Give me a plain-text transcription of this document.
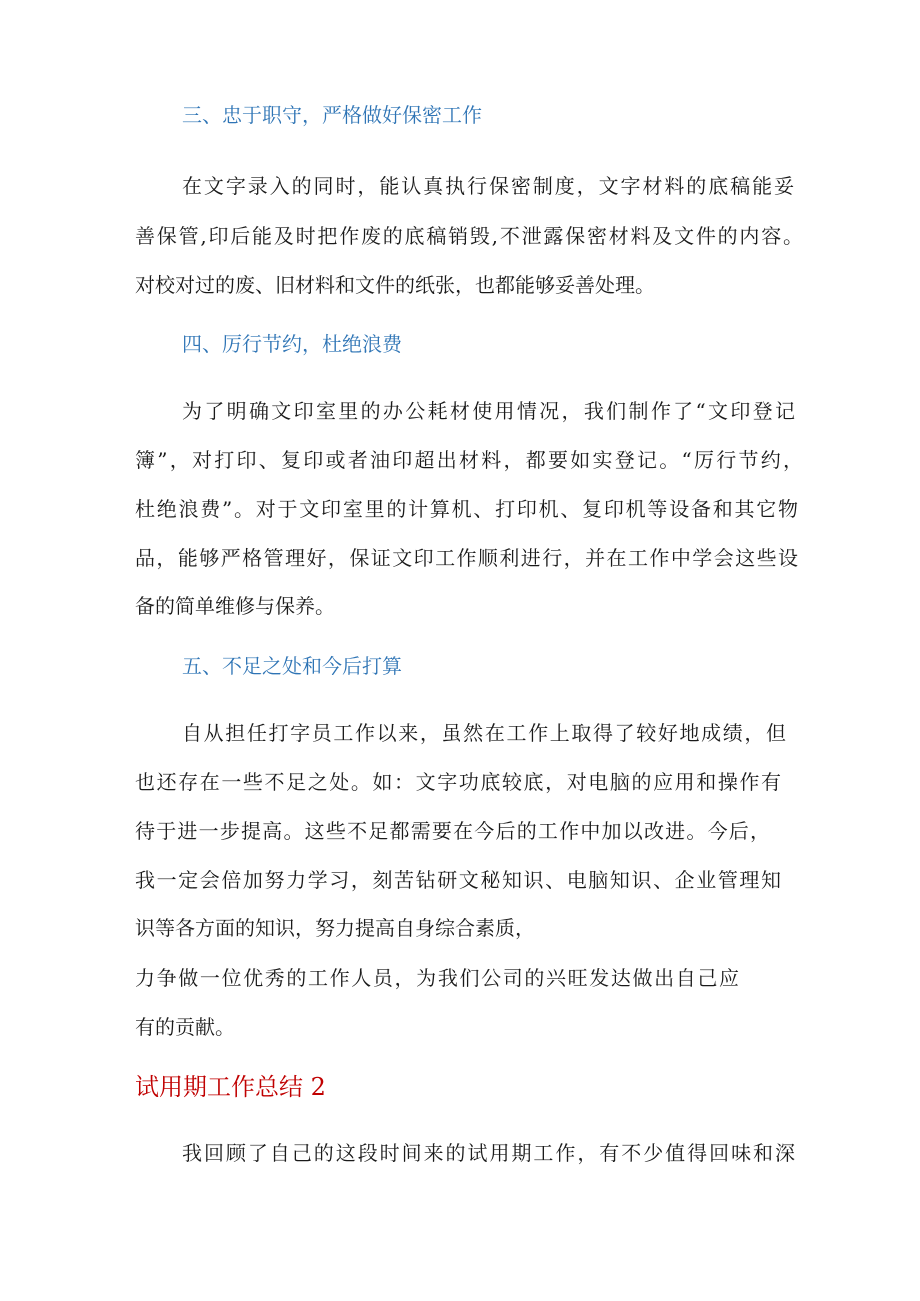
三、忠于职守，严格做好保密工作
在文字录入的同时，能认真执行保密制度，文字材料的底稿能妥
善保管,印后能及时把作废的底稿销毁,不泄露保密材料及文件的内容。
对校对过的废、旧材料和文件的纸张，也都能够妥善处理。
四、厉行节约，杜绝浪费
为了明确文印室里的办公耗材使用情况，我们制作了“文印登记
簿”，对打印、复印或者油印超出材料，都要如实登记。“厉行节约，
杜绝浪费”。对于文印室里的计算机、打印机、复印机等设备和其它物
品，能够严格管理好，保证文印工作顺利进行，并在工作中学会这些设
备的简单维修与保养。
五、不足之处和今后打算
自从担任打字员工作以来，虽然在工作上取得了较好地成绩，但
也还存在一些不足之处。如：文字功底较底，对电脑的应用和操作有
待于进一步提高。这些不足都需要在今后的工作中加以改进。今后，
我一定会倍加努力学习，刻苦钻研文秘知识、电脑知识、企业管理知
识等各方面的知识，努力提高自身综合素质，
力争做一位优秀的工作人员，为我们公司的兴旺发达做出自己应
有的贡献。
试用期工作总结 2
我回顾了自己的这段时间来的试用期工作，有不少值得回味和深
